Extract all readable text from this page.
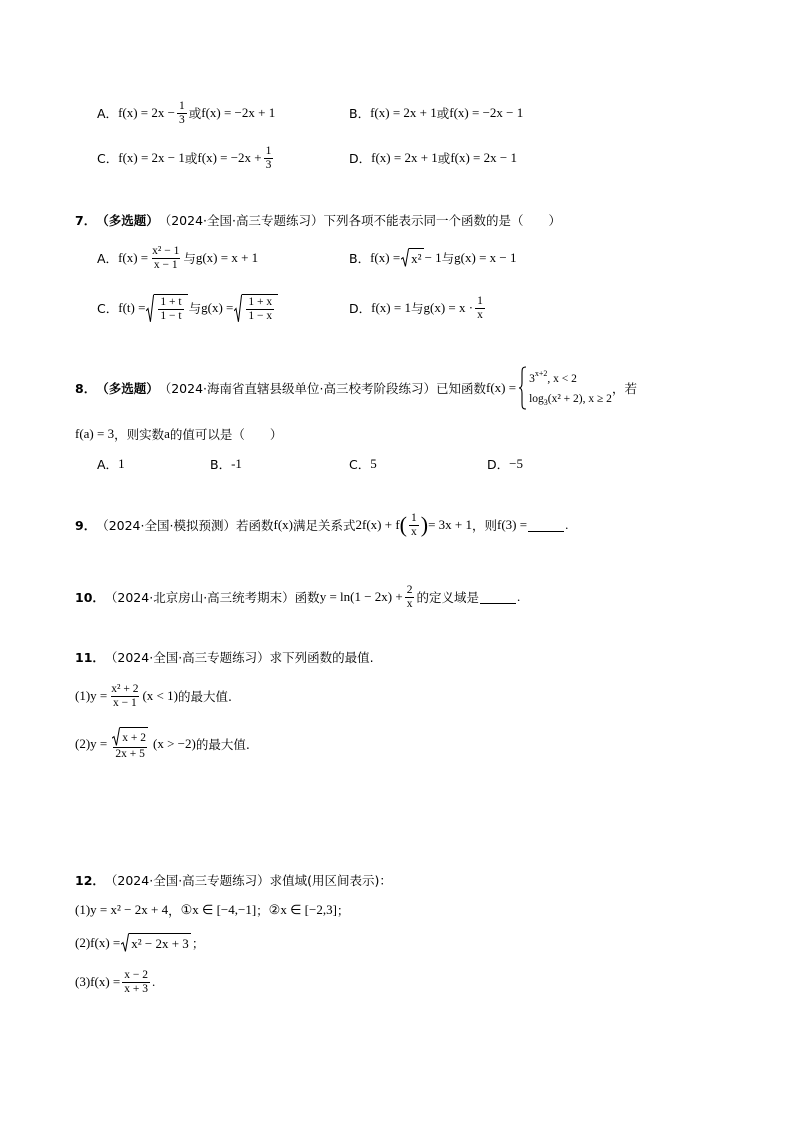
A． $f(x) = 2x - \frac{1}{3}$ 或 f(x) = −2x + 1	B． f(x) = 2x + 1 或 f(x) = −2x − 1
C． f(x) = 2x − 1 或 $f(x) = -2x + \frac{1}{3}$	D． f(x) = 2x + 1 或 f(x) = 2x − 1
7． （多选题） （2024·全国·高三专题练习） 下列各项不能表示同一个函数的是（　　）
A． $f(x) = \frac{\text{x² − 1}}{x - 1}$ 与 g(x) = x + 1	B． f(x) = x² − 1 与 g(x) = x − 1
C． $f(t) = \frac{1 + t}{1 - t}$ 与 $g(x) = \frac{1 + x}{1 - x}$	D． f(x) = 1 与 $g(x) = x \cdot \frac{1}{x}$
8． （多选题） （2024·海南省直辖县级单位·高三校考阶段练习） 已知函数 f(x) =
$3^{x+2}$, x < 2
$\log_3(x^2 + 2)$, x ≥ 2
，若
f(a) = 3 ，则实数 a 的值可以是（　　）
A． 1	B． -1	C． 5	D． −5
9． （2024·全国·模拟预测） 若函数 f(x) 满足关系式 2f(x) + f ( $\frac{1}{x}$ ) = 3x + 1 ，则 f(3) =	.
10． （2024·北京房山·高三统考期末） 函数 $y = \ln(1 - 2x) + \frac{2}{x}$ 的定义域是	.
11． （2024·全国·高三专题练习） 求下列函数的最值.
(1) $y = \frac{\text{x² + 2}}{x - 1} (x < 1)$ 的最大值.
(2) $y = \frac{x + 2}{2x + 5} (x > -2)$ 的最大值.
12． （2024·全国·高三专题练习） 求值域(用区间表示)：
(1) y = x² − 2x + 4 ， ① x ∈ [−4,−1] ； ② x ∈ [−2,3] ；
(2) f(x) = x² − 2x + 3 ；
(3) $f(x) = \frac{x - 2}{x + 3}$ .
